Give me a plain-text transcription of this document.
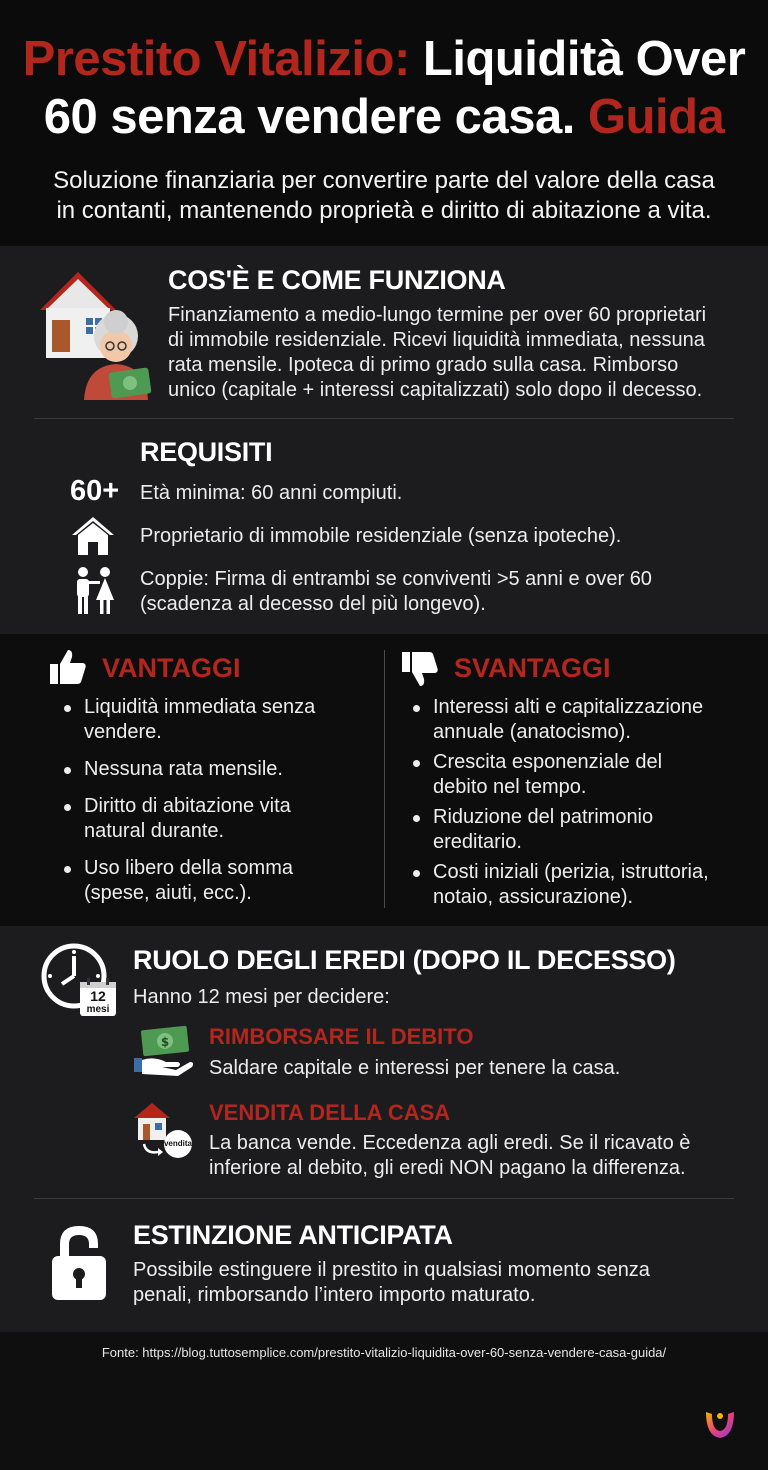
Prestito Vitalizio: Liquidità Over
60 senza vendere casa. Guida
Soluzione finanziaria per convertire parte del valore della casa
in contanti, mantenendo proprietà e diritto di abitazione a vita.
COS'È E COME FUNZIONA
Finanziamento a medio-lungo termine per over 60 proprietari
di immobile residenziale. Ricevi liquidità immediata, nessuna
rata mensile. Ipoteca di primo grado sulla casa. Rimborso
unico (capitale + interessi capitalizzati) solo dopo il decesso.
REQUISITI
60+ Età minima: 60 anni compiuti.
Proprietario di immobile residenziale (senza ipoteche).
Coppie: Firma di entrambi se conviventi >5 anni e over 60
(scadenza al decesso del più longevo).
VANTAGGI
Liquidità immediata senza
vendere.
Nessuna rata mensile.
Diritto di abitazione vita
natural durante.
Uso libero della somma
(spese, aiuti, ecc.).
SVANTAGGI
Interessi alti e capitalizzazione
annuale (anatocismo).
Crescita esponenziale del
debito nel tempo.
Riduzione del patrimonio
ereditario.
Costi iniziali (perizia, istruttoria,
notaio, assicurazione).
12
mesi
RUOLO DEGLI EREDI (DOPO IL DECESSO)
Hanno 12 mesi per decidere:
$ RIMBORSARE IL DEBITO
Saldare capitale e interessi per tenere la casa.
vendita
VENDITA DELLA CASA
La banca vende. Eccedenza agli eredi. Se il ricavato è
inferiore al debito, gli eredi NON pagano la differenza.
ESTINZIONE ANTICIPATA
Possibile estinguere il prestito in qualsiasi momento senza
penali, rimborsando l’intero importo maturato.
Fonte: https://blog.tuttosemplice.com/prestito-vitalizio-liquidita-over-60-senza-vendere-casa-guida/
